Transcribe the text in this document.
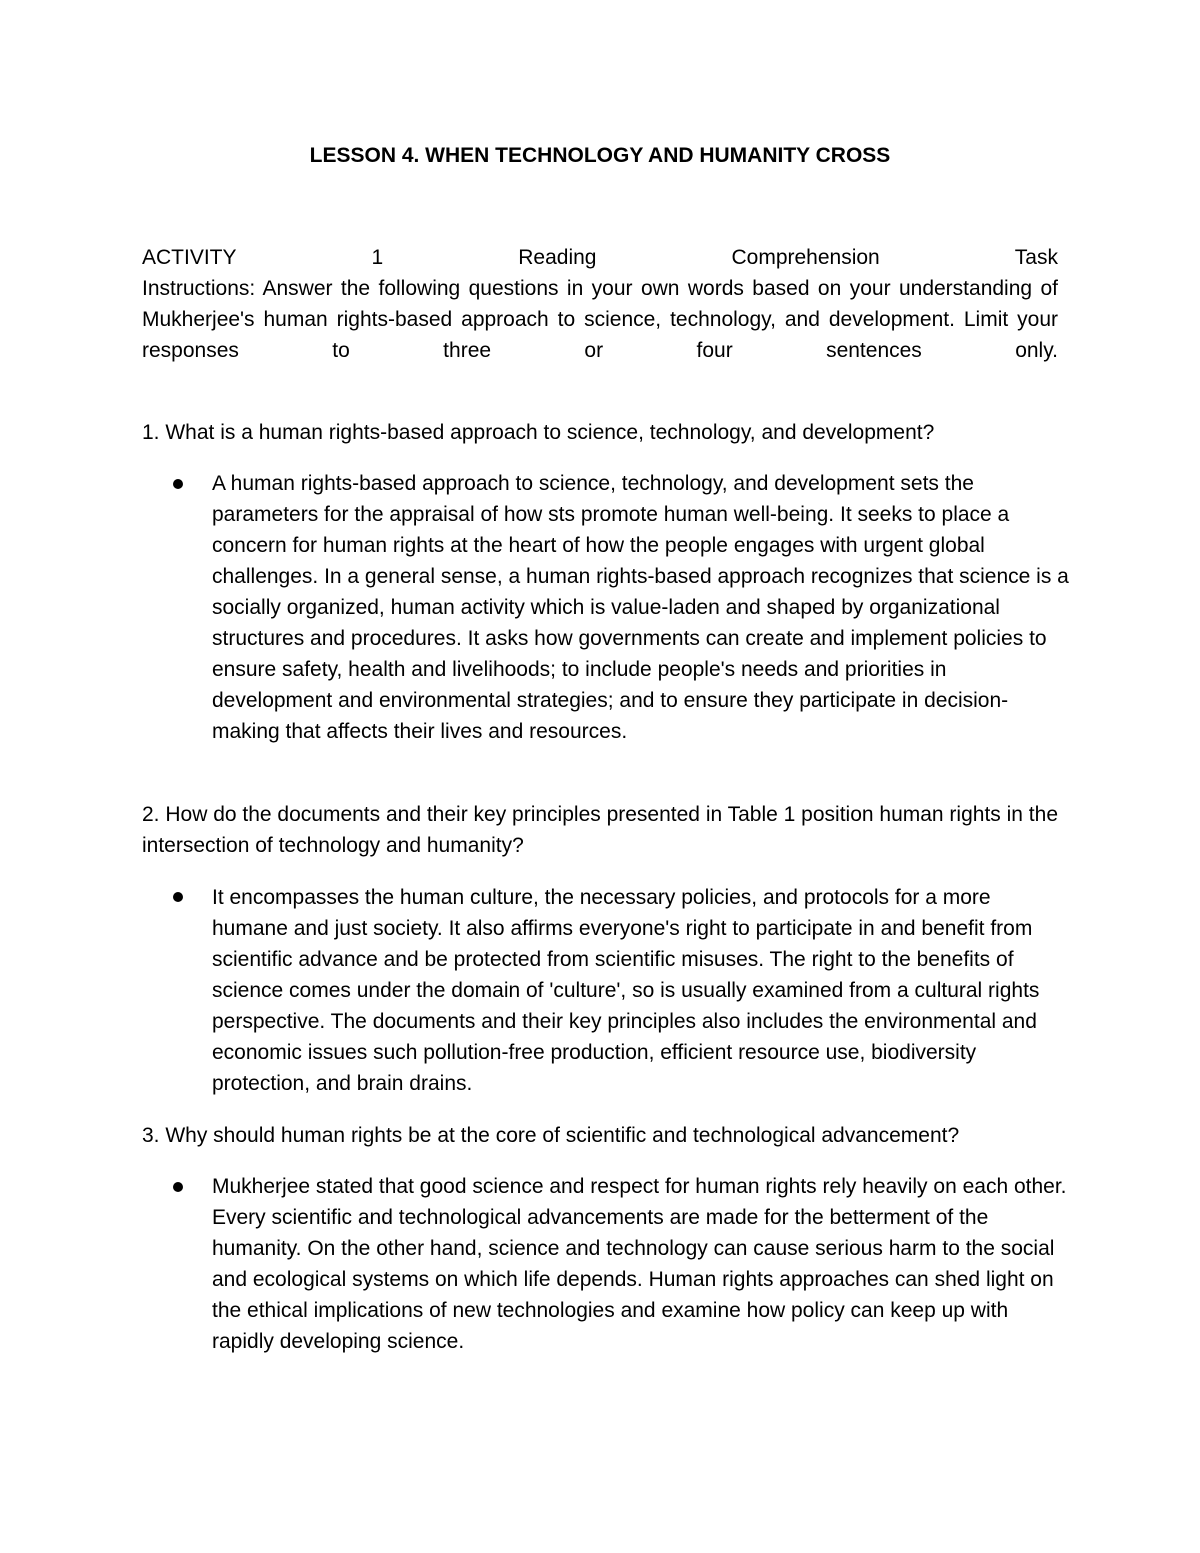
LESSON 4. WHEN TECHNOLOGY AND HUMANITY CROSS
ACTIVITY	1	Reading	Comprehension	Task

Instructions: Answer the following questions in your own words based on your understanding of Mukherjee's human rights-based approach to science, technology, and development. Limit your responses to three or four sentences only.

1. What is a human rights-based approach to science, technology, and development?

A human rights-based approach to science, technology, and development sets the parameters for the appraisal of how sts promote human well-being. It seeks to place a concern for human rights at the heart of how the people engages with urgent global challenges. In a general sense, a human rights-based approach recognizes that science is a socially organized, human activity which is value-laden and shaped by organizational structures and procedures. It asks how governments can create and implement policies to ensure safety, health and livelihoods; to include people's needs and priorities in development and environmental strategies; and to ensure they participate in decision-making that affects their lives and resources.

2. How do the documents and their key principles presented in Table 1 position human rights in the intersection of technology and humanity?

It encompasses the human culture, the necessary policies, and protocols for a more humane and just society. It also affirms everyone's right to participate in and benefit from scientific advance and be protected from scientific misuses. The right to the benefits of science comes under the domain of 'culture', so is usually examined from a cultural rights perspective. The documents and their key principles also includes the environmental and economic issues such pollution-free production, efficient resource use, biodiversity protection, and brain drains.

3. Why should human rights be at the core of scientific and technological advancement?

Mukherjee stated that good science and respect for human rights rely heavily on each other. Every scientific and technological advancements are made for the betterment of the humanity. On the other hand, science and technology can cause serious harm to the social and ecological systems on which life depends. Human rights approaches can shed light on the ethical implications of new technologies and examine how policy can keep up with rapidly developing science.
